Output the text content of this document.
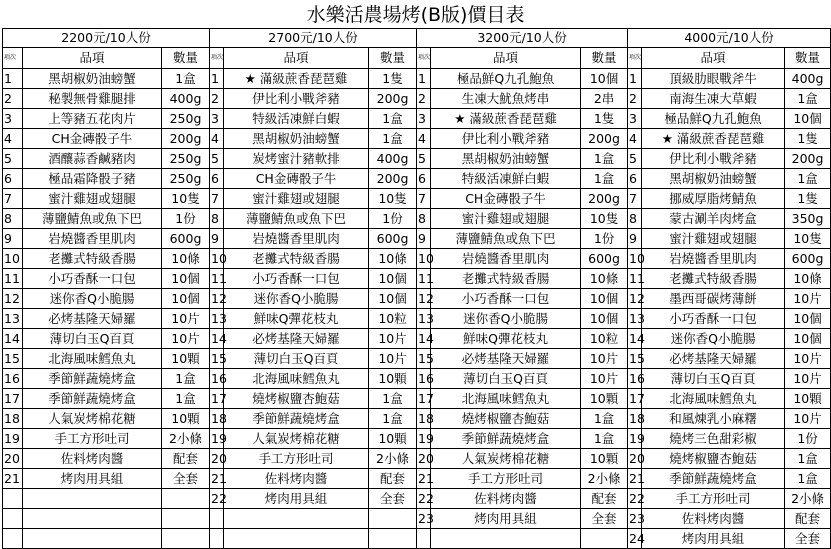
水樂活農場烤(B版)價目表
2200元/10人份			2700元/10人份			3200元/10人份			4000元/10人份		
項次	品項	數量	項次	品項	數量	項次	品項	數量	項次	品項	數量
1	黑胡椒奶油螃蟹	1盒	1	★ 滿級蔗香琵琶雞	1隻	1	極品鮮Q九孔鮑魚	10個	1	頂級肋眼戰斧牛	400g
2	秘製無骨雞腿排	400g	2	伊比利小戰斧豬	200g	2	生凍大魷魚烤串	2串	2	南海生凍大草蝦	1盒
3	上等豬五花肉片	250g	3	特級活凍鮮白蝦	1盒	3	★ 滿級蔗香琵琶雞	1隻	3	極品鮮Q九孔鮑魚	10個
4	CH金磚骰子牛	200g	4	黑胡椒奶油螃蟹	1盒	4	伊比利小戰斧豬	200g	4	★ 滿級蔗香琵琶雞	1隻
5	酒釀蒜香鹹豬肉	250g	5	炭烤蜜汁豬軟排	400g	5	黑胡椒奶油螃蟹	1盒	5	伊比利小戰斧豬	200g
6	極品霜降骰子豬	250g	6	CH金磚骰子牛	200g	6	特級活凍鮮白蝦	1盒	6	黑胡椒奶油螃蟹	1盒
7	蜜汁雞翅或翅腿	10隻	7	蜜汁雞翅或翅腿	10隻	7	CH金磚骰子牛	200g	7	挪威厚脂烤鯖魚	1隻
8	薄鹽鯖魚或魚下巴	1份	8	薄鹽鯖魚或魚下巴	1份	8	蜜汁雞翅或翅腿	10隻	8	蒙古涮羊肉烤盒	350g
9	岩燒醬香里肌肉	600g	9	岩燒醬香里肌肉	600g	9	薄鹽鯖魚或魚下巴	1份	9	蜜汁雞翅或翅腿	10隻
10	老攤式特級香腸	10條	10	老攤式特級香腸	10條	10	岩燒醬香里肌肉	600g	10	岩燒醬香里肌肉	600g
11	小巧香酥一口包	10個	11	小巧香酥一口包	10個	11	老攤式特級香腸	10條	11	老攤式特級香腸	10條
12	迷你香Q小脆腸	10個	12	迷你香Q小脆腸	10個	12	小巧香酥一口包	10個	12	墨西哥碳烤薄餅	10片
13	必烤基隆天婦羅	10片	13	鮮味Q彈花枝丸	10粒	13	迷你香Q小脆腸	10個	13	小巧香酥一口包	10個
14	薄切白玉Q百頁	10片	14	必烤基隆天婦羅	10片	14	鮮味Q彈花枝丸	10粒	14	迷你香Q小脆腸	10個
15	北海風味鱈魚丸	10顆	15	薄切白玉Q百頁	10片	15	必烤基隆天婦羅	10片	15	必烤基隆天婦羅	10片
16	季節鮮蔬燒烤盒	1盒	16	北海風味鱈魚丸	10顆	16	薄切白玉Q百頁	10片	16	薄切白玉Q百頁	10片
17	季節鮮蔬燒烤盒	1盒	17	燒烤椒鹽杏鮑菇	1盒	17	北海風味鱈魚丸	10顆	17	北海風味鱈魚丸	10顆
18	人氣炭烤棉花糖	10顆	18	季節鮮蔬燒烤盒	1盒	18	燒烤椒鹽杏鮑菇	1盒	18	和風煉乳小麻糬	10片
19	手工方形吐司	2小條	19	人氣炭烤棉花糖	10顆	19	季節鮮蔬燒烤盒	1盒	19	燒烤三色甜彩椒	1份
20	佐料烤肉醬	配套	20	手工方形吐司	2小條	20	人氣炭烤棉花糖	10顆	20	燒烤椒鹽杏鮑菇	1盒
21	烤肉用具組	全套	21	佐料烤肉醬	配套	21	手工方形吐司	2小條	21	季節鮮蔬燒烤盒	1盒
			22	烤肉用具組	全套	22	佐料烤肉醬	配套	22	手工方形吐司	2小條
						23	烤肉用具組	全套	23	佐料烤肉醬	配套
									24	烤肉用具組	全套
